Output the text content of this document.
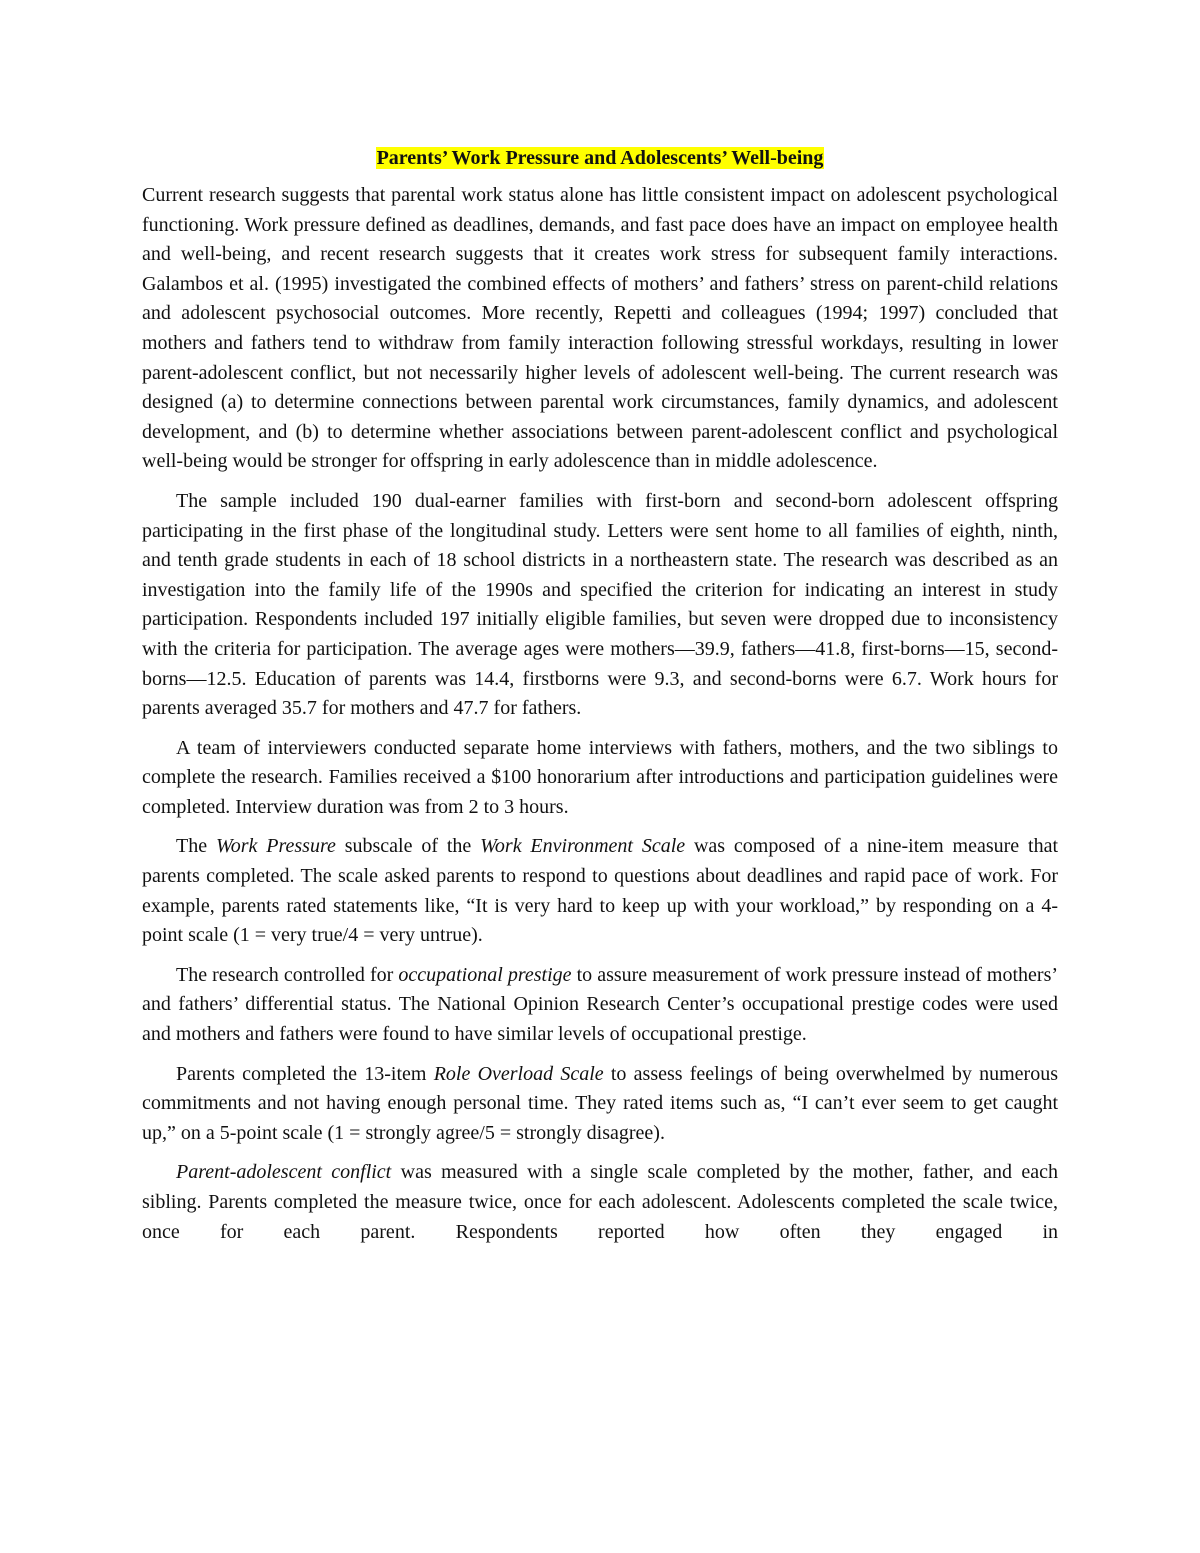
Parents’ Work Pressure and Adolescents’ Well-being

Current research suggests that parental work status alone has little consistent impact on adolescent psychological functioning. Work pressure defined as deadlines, demands, and fast pace does have an impact on employee health and well-being, and recent research suggests that it creates work stress for subsequent family interactions. Galambos et al. (1995) investigated the combined effects of mothers’ and fathers’ stress on parent-child relations and adolescent psychosocial outcomes. More recently, Repetti and colleagues (1994; 1997) concluded that mothers and fathers tend to withdraw from family interaction following stressful workdays, resulting in lower parent-adolescent conflict, but not necessarily higher levels of adolescent well-being. The current research was designed (a) to determine connections between parental work circumstances, family dynamics, and adolescent development, and (b) to determine whether associations between parent-adolescent conflict and psychological well-being would be stronger for offspring in early adolescence than in middle adolescence.

The sample included 190 dual-earner families with first-born and second-born adolescent offspring participating in the first phase of the longitudinal study. Letters were sent home to all families of eighth, ninth, and tenth grade students in each of 18 school districts in a northeastern state. The research was described as an investigation into the family life of the 1990s and specified the criterion for indicating an interest in study participation. Respondents included 197 initially eligible families, but seven were dropped due to inconsistency with the criteria for participation. The average ages were mothers—39.9, fathers—41.8, first-borns—15, second-borns—12.5. Education of parents was 14.4, firstborns were 9.3, and second-borns were 6.7. Work hours for parents averaged 35.7 for mothers and 47.7 for fathers.

A team of interviewers conducted separate home interviews with fathers, mothers, and the two siblings to complete the research. Families received a $100 honorarium after introductions and participation guidelines were completed. Interview duration was from 2 to 3 hours.

The Work Pressure subscale of the Work Environment Scale was composed of a nine-item measure that parents completed. The scale asked parents to respond to questions about deadlines and rapid pace of work. For example, parents rated statements like, “It is very hard to keep up with your workload,” by responding on a 4-point scale (1 = very true/4 = very untrue).

The research controlled for occupational prestige to assure measurement of work pressure instead of mothers’ and fathers’ differential status. The National Opinion Research Center’s occupational prestige codes were used and mothers and fathers were found to have similar levels of occupational prestige.

Parents completed the 13-item Role Overload Scale to assess feelings of being overwhelmed by numerous commitments and not having enough personal time. They rated items such as, “I can’t ever seem to get caught up,” on a 5-point scale (1 = strongly agree/5 = strongly disagree).

Parent-adolescent conflict was measured with a single scale completed by the mother, father, and each sibling. Parents completed the measure twice, once for each adolescent. Adolescents completed the scale twice, once for each parent. Respondents reported how often they engaged in
